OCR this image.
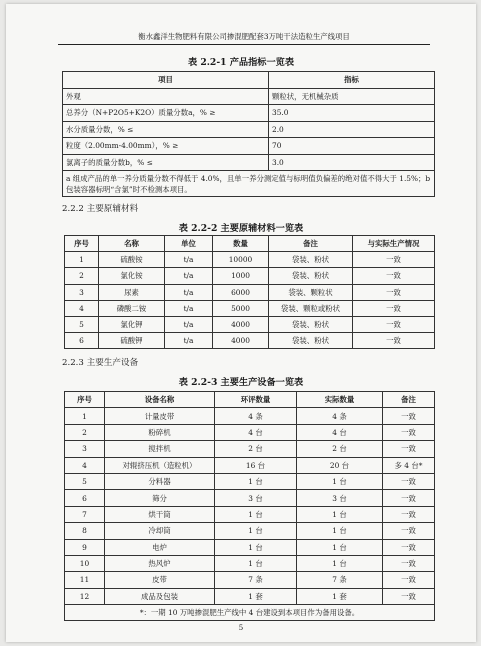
衡水鑫洋生物肥料有限公司掺混肥配套3万吨干法造粒生产线项目
表 2.2-1 产品指标一览表
项目	指标
外观	颗粒状，无机械杂质
总养分（N+P2O5+K2O）质量分数a，% ≥	35.0
水分质量分数，% ≤	2.0
粒度（2.00mm-4.00mm），% ≥	70
氯离子的质量分数b，% ≤	3.0
a 组成产品的单一养分质量分数不得低于 4.0%，且单一养分测定值与标明值负偏差的绝对值不得大于 1.5%；b 包装容器标明“含氯”时不检测本项目。	
2.2.2 主要原辅材料
表 2.2-2 主要原辅材料一览表
序号	名称	单位	数量	备注	与实际生产情况
1	硫酸铵	t/a	10000	袋装、粉状	一致
2	氯化铵	t/a	1000	袋装、粉状	一致
3	尿素	t/a	6000	袋装、颗粒状	一致
4	磷酸二铵	t/a	5000	袋装、颗粒或粉状	一致
5	氯化钾	t/a	4000	袋装、粉状	一致
6	硫酸钾	t/a	4000	袋装、粉状	一致
2.2.3 主要生产设备
表 2.2-3 主要生产设备一览表
序号	设备名称	环评数量	实际数量	备注
1	计量皮带	4 条	4 条	一致
2	粉碎机	4 台	4 台	一致
3	搅拌机	2 台	2 台	一致
4	对辊挤压机（造粒机）	16 台	20 台	多 4 台*
5	分料器	1 台	1 台	一致
6	筛分	3 台	3 台	一致
7	烘干筒	1 台	1 台	一致
8	冷却筒	1 台	1 台	一致
9	电炉	1 台	1 台	一致
10	热风炉	1 台	1 台	一致
11	皮带	7 条	7 条	一致
12	成品及包装	1 套	1 套	一致
*：一期 10 万吨掺混肥生产线中 4 台建设到本项目作为备用设备。				
5
